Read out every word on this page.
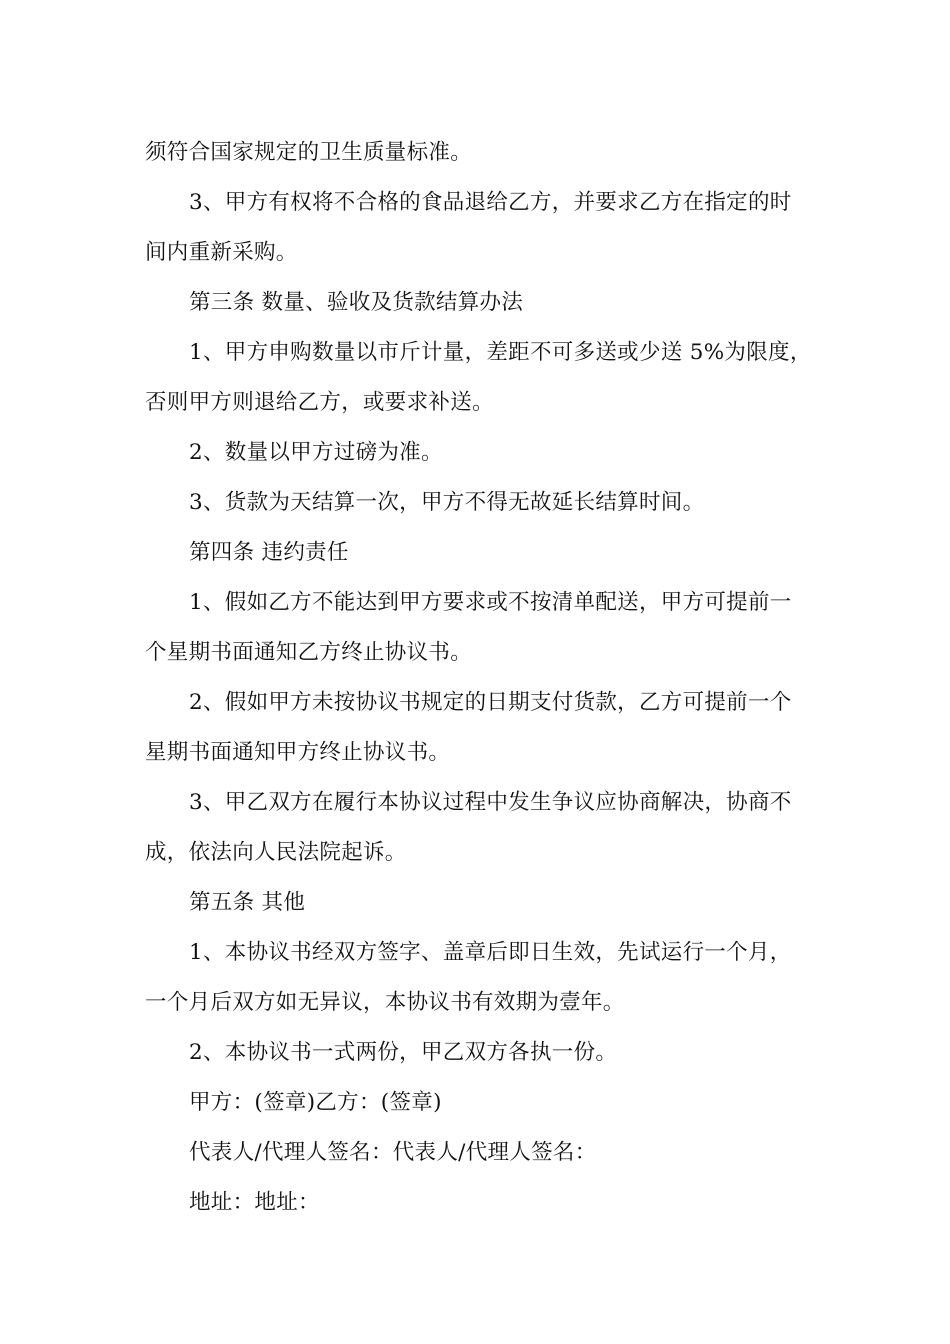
须符合国家规定的卫生质量标准。
3、甲方有权将不合格的食品退给乙方，并要求乙方在指定的时
间内重新采购。
第三条 数量、验收及货款结算办法
1、甲方申购数量以市斤计量，差距不可多送或少送 5%为限度，
否则甲方则退给乙方，或要求补送。
2、数量以甲方过磅为准。
3、货款为天结算一次，甲方不得无故延长结算时间。
第四条 违约责任
1、假如乙方不能达到甲方要求或不按清单配送，甲方可提前一
个星期书面通知乙方终止协议书。
2、假如甲方未按协议书规定的日期支付货款，乙方可提前一个
星期书面通知甲方终止协议书。
3、甲乙双方在履行本协议过程中发生争议应协商解决，协商不
成，依法向人民法院起诉。
第五条 其他
1、本协议书经双方签字、盖章后即日生效，先试运行一个月，
一个月后双方如无异议，本协议书有效期为壹年。
2、本协议书一式两份，甲乙双方各执一份。
甲方：(签章)乙方：(签章)
代表人/代理人签名：代表人/代理人签名：
地址：地址：
